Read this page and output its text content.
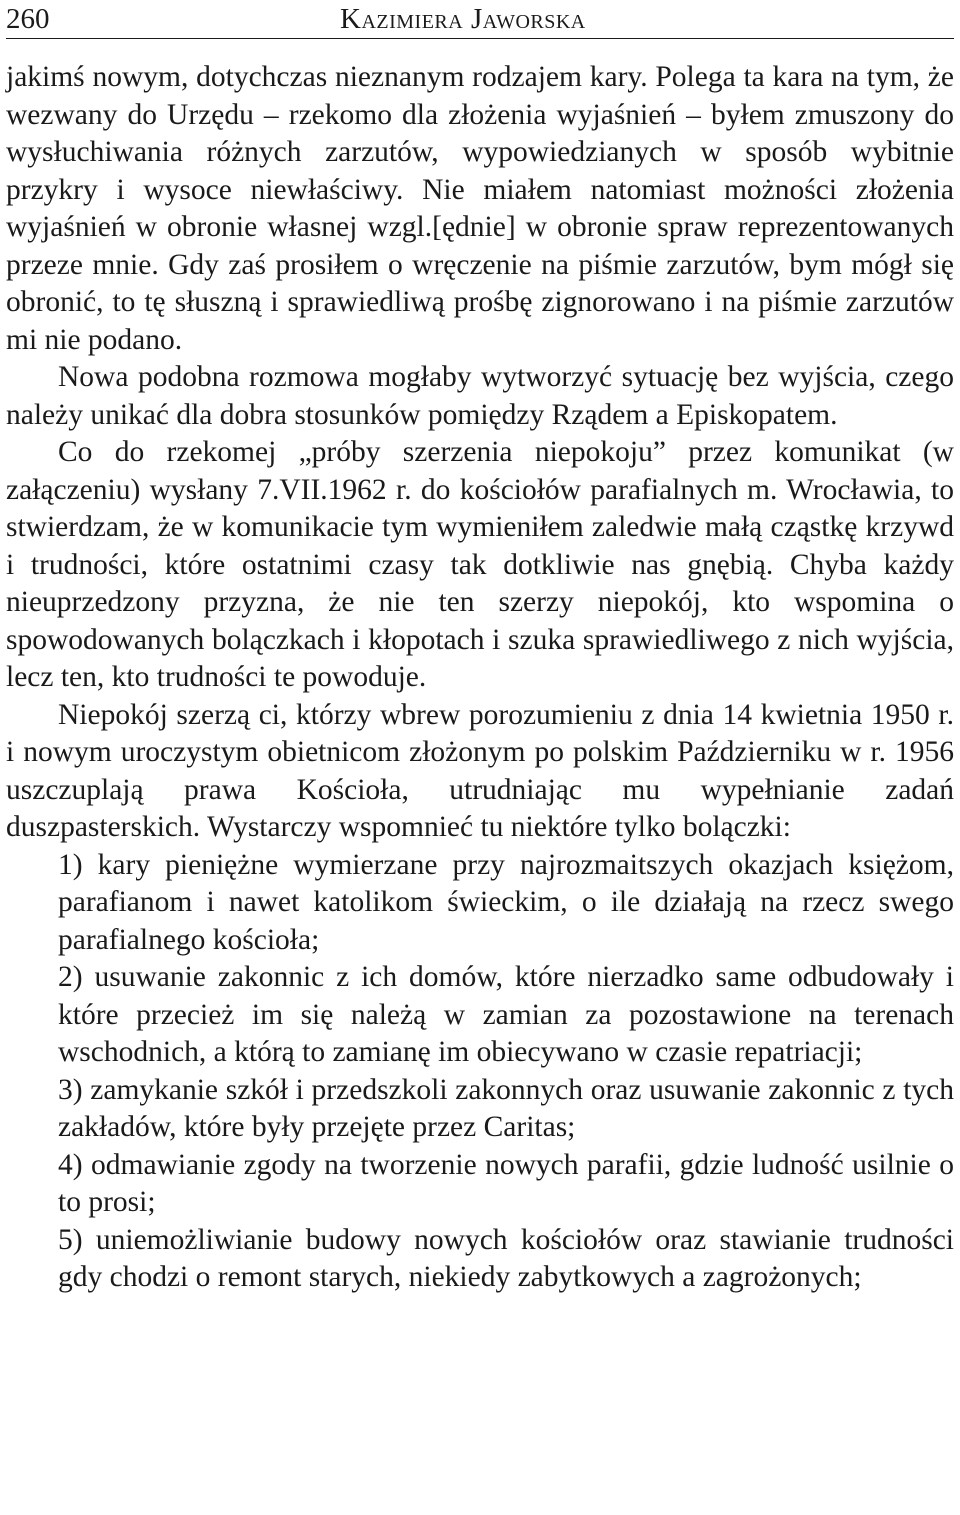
260	Kazimiera Jaworska

jakimś nowym, dotychczas nieznanym rodzajem kary. Polega ta kara na tym, że wezwany do Urzędu – rzekomo dla złożenia wyjaśnień – byłem zmuszony do wysłuchiwania różnych zarzutów, wypowiedzianych w sposób wybitnie przykry i wysoce niewłaściwy. Nie miałem natomiast możności złożenia wyjaśnień w obronie własnej wzgl.[ędnie] w obronie spraw reprezentowanych przeze mnie. Gdy zaś prosiłem o wręczenie na piśmie zarzutów, bym mógł się obronić, to tę słuszną i sprawiedliwą prośbę zignorowano i na piśmie zarzutów mi nie podano.

Nowa podobna rozmowa mogłaby wytworzyć sytuację bez wyjścia, czego należy unikać dla dobra stosunków pomiędzy Rządem a Episkopatem.

Co do rzekomej „próby szerzenia niepokoju” przez komunikat (w załączeniu) wysłany 7.VII.1962 r. do kościołów parafialnych m. Wrocławia, to stwierdzam, że w komunikacie tym wymieniłem zaledwie małą cząstkę krzywd i trudności, które ostatnimi czasy tak dotkliwie nas gnębią. Chyba każdy nieuprzedzony przyzna, że nie ten szerzy niepokój, kto wspomina o spowodowanych bolączkach i kłopotach i szuka sprawiedliwego z nich wyjścia, lecz ten, kto trudności te powoduje.

Niepokój szerzą ci, którzy wbrew porozumieniu z dnia 14 kwietnia 1950 r. i nowym uroczystym obietnicom złożonym po polskim Październiku w r. 1956 uszczuplają prawa Kościoła, utrudniając mu wypełnianie zadań duszpasterskich. Wystarczy wspomnieć tu niektóre tylko bolączki:

1) kary pieniężne wymierzane przy najrozmaitszych okazjach księżom, parafianom i nawet katolikom świeckim, o ile działają na rzecz swego parafialnego kościoła;

2) usuwanie zakonnic z ich domów, które nierzadko same odbudowały i które przecież im się należą w zamian za pozostawione na terenach wschodnich, a którą to zamianę im obiecywano w czasie repatriacji;

3) zamykanie szkół i przedszkoli zakonnych oraz usuwanie zakonnic z tych zakładów, które były przejęte przez Caritas;

4) odmawianie zgody na tworzenie nowych parafii, gdzie ludność usilnie o to prosi;

5) uniemożliwianie budowy nowych kościołów oraz stawianie trudności gdy chodzi o remont starych, niekiedy zabytkowych a zagrożonych;
